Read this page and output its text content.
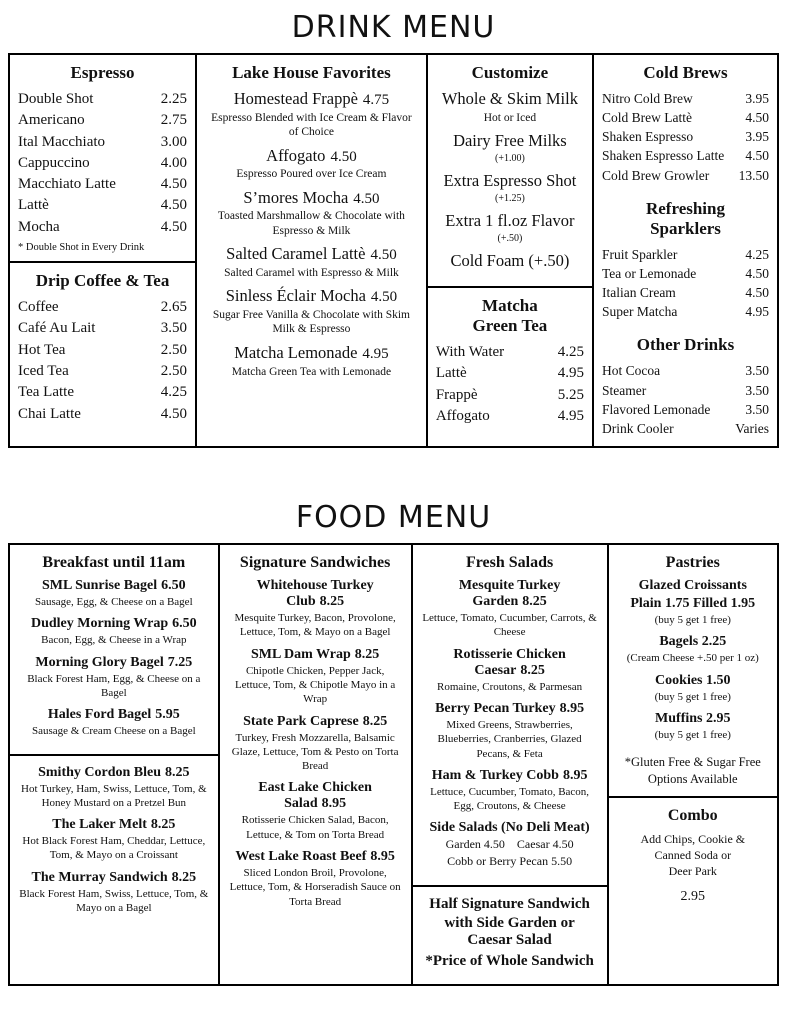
DRINK MENU
Espresso
Double Shot	2.25
Americano	2.75
Ital Macchiato	3.00
Cappuccino	4.00
Macchiato Latte	4.50
Lattè	4.50
Mocha	4.50
* Double Shot in Every Drink
Drip Coffee & Tea
Coffee	2.65
Café Au Lait	3.50
Hot Tea	2.50
Iced Tea	2.50
Tea Latte	4.25
Chai Latte	4.50
Lake House Favorites
Homestead Frappè 4.75
Espresso Blended with Ice Cream & Flavor of Choice
Affogato 4.50
Espresso Poured over Ice Cream
S’mores Mocha 4.50
Toasted Marshmallow & Chocolate with Espresso & Milk
Salted Caramel Lattè 4.50
Salted Caramel with Espresso & Milk
Sinless Éclair Mocha 4.50
Sugar Free Vanilla & Chocolate with Skim Milk & Espresso
Matcha Lemonade 4.95
Matcha Green Tea with Lemonade
Customize
Whole & Skim Milk
Hot or Iced
Dairy Free Milks
(+1.00)
Extra Espresso Shot
(+1.25)
Extra 1 fl.oz Flavor
(+.50)
Cold Foam (+.50)
Matcha
Green Tea
With Water	4.25
Lattè	4.95
Frappè	5.25
Affogato	4.95
Cold Brews
Nitro Cold Brew	3.95
Cold Brew Lattè	4.50
Shaken Espresso	3.95
Shaken Espresso Latte 4.50
Cold Brew Growler 13.50
Refreshing
Sparklers
Fruit Sparkler	4.25
Tea or Lemonade	4.50
Italian Cream	4.50
Super Matcha	4.95
Other Drinks
Hot Cocoa	3.50
Steamer	3.50
Flavored Lemonade	3.50
Drink Cooler	Varies
FOOD MENU
Breakfast until 11am
SML Sunrise Bagel 6.50
Sausage, Egg, & Cheese on a Bagel
Dudley Morning Wrap 6.50
Bacon, Egg, & Cheese in a Wrap
Morning Glory Bagel 7.25
Black Forest Ham, Egg, & Cheese on a Bagel
Hales Ford Bagel 5.95
Sausage & Cream Cheese on a Bagel
Smithy Cordon Bleu 8.25
Hot Turkey, Ham, Swiss, Lettuce, Tom, & Honey Mustard on a Pretzel Bun
The Laker Melt 8.25
Hot Black Forest Ham, Cheddar, Lettuce, Tom, & Mayo on a Croissant
The Murray Sandwich 8.25
Black Forest Ham, Swiss, Lettuce, Tom, & Mayo on a Bagel
Signature Sandwiches
Whitehouse Turkey Club 8.25
Mesquite Turkey, Bacon, Provolone, Lettuce, Tom, & Mayo on a Bagel
SML Dam Wrap 8.25
Chipotle Chicken, Pepper Jack, Lettuce, Tom, & Chipotle Mayo in a Wrap
State Park Caprese 8.25
Turkey, Fresh Mozzarella, Balsamic Glaze, Lettuce, Tom & Pesto on Torta Bread
East Lake Chicken Salad 8.95
Rotisserie Chicken Salad, Bacon, Lettuce, & Tom on Torta Bread
West Lake Roast Beef 8.95
Sliced London Broil, Provolone, Lettuce, Tom, & Horseradish Sauce on Torta Bread
Fresh Salads
Mesquite Turkey Garden 8.25
Lettuce, Tomato, Cucumber, Carrots, & Cheese
Rotisserie Chicken Caesar 8.25
Romaine, Croutons, & Parmesan
Berry Pecan Turkey 8.95
Mixed Greens, Strawberries, Blueberries, Cranberries, Glazed Pecans, & Feta
Ham & Turkey Cobb 8.95
Lettuce, Cucumber, Tomato, Bacon, Egg, Croutons, & Cheese
Side Salads (No Deli Meat)
Garden 4.50 Caesar 4.50
Cobb or Berry Pecan 5.50
Half Signature Sandwich
with Side Garden or
Caesar Salad
*Price of Whole Sandwich
Pastries
Glazed Croissants
Plain 1.75 Filled 1.95
(buy 5 get 1 free)
Bagels 2.25
(Cream Cheese +.50 per 1 oz)
Cookies 1.50
(buy 5 get 1 free)
Muffins 2.95
(buy 5 get 1 free)
*Gluten Free & Sugar Free
Options Available
Combo
Add Chips, Cookie &
Canned Soda or
Deer Park
2.95
